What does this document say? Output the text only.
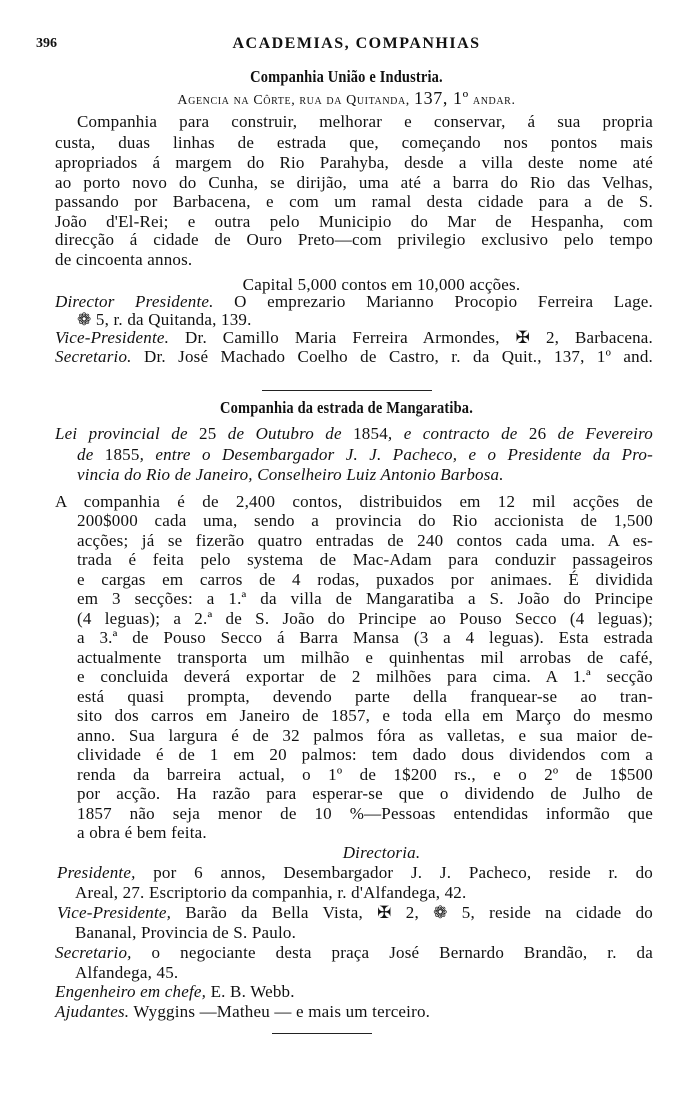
396	ACADEMIAS, COMPANHIAS
Companhia União e Industria.
Agencia na Côrte, rua da Quitanda, 137, 1º andar.
Companhia para construir, melhorar e conservar, á sua propria
custa, duas linhas de estrada que, começando nos pontos mais
apropriados á margem do Rio Parahyba, desde a villa deste nome até
ao porto novo do Cunha, se dirijão, uma até a barra do Rio das Velhas,
passando por Barbacena, e com um ramal desta cidade para a de S.
João d'El-Rei; e outra pelo Municipio do Mar de Hespanha, com
direcção á cidade de Ouro Preto—com privilegio exclusivo pelo tempo
de cincoenta annos.
Capital 5,000 contos em 10,000 acções.
Director Presidente. O emprezario Marianno Procopio Ferreira Lage.
❁ 5, r. da Quitanda, 139.
Vice-Presidente. Dr. Camillo Maria Ferreira Armondes, ✠ 2, Barbacena.
Secretario. Dr. José Machado Coelho de Castro, r. da Quit., 137, 1º and.
Companhia da estrada de Mangaratiba.
Lei provincial de 25 de Outubro de 1854, e contracto de 26 de Fevereiro
de 1855, entre o Desembargador J. J. Pacheco, e o Presidente da Pro-
vincia do Rio de Janeiro, Conselheiro Luiz Antonio Barbosa.
A companhia é de 2,400 contos, distribuidos em 12 mil acções de
200$000 cada uma, sendo a provincia do Rio accionista de 1,500
acções; já se fizerão quatro entradas de 240 contos cada uma. A es-
trada é feita pelo systema de Mac-Adam para conduzir passageiros
e cargas em carros de 4 rodas, puxados por animaes. É dividida
em 3 secções: a 1.ª da villa de Mangaratiba a S. João do Principe
(4 leguas); a 2.ª de S. João do Principe ao Pouso Secco (4 leguas);
a 3.ª de Pouso Secco á Barra Mansa (3 a 4 leguas). Esta estrada
actualmente transporta um milhão e quinhentas mil arrobas de café,
e concluida deverá exportar de 2 milhões para cima. A 1.ª secção
está quasi prompta, devendo parte della franquear-se ao tran-
sito dos carros em Janeiro de 1857, e toda ella em Março do mesmo
anno. Sua largura é de 32 palmos fóra as valletas, e sua maior de-
clividade é de 1 em 20 palmos: tem dado dous dividendos com a
renda da barreira actual, o 1º de 1$200 rs., e o 2º de 1$500
por acção. Ha razão para esperar-se que o dividendo de Julho de
1857 não seja menor de 10 %—Pessoas entendidas informão que
a obra é bem feita.
Directoria.
Presidente, por 6 annos, Desembargador J. J. Pacheco, reside r. do
Areal, 27. Escriptorio da companhia, r. d'Alfandega, 42.
Vice-Presidente, Barão da Bella Vista, ✠ 2, ❁ 5, reside na cidade do
Bananal, Provincia de S. Paulo.
Secretario, o negociante desta praça José Bernardo Brandão, r. da
Alfandega, 45.
Engenheiro em chefe, E. B. Webb.
Ajudantes. Wyggins —Matheu — e mais um terceiro.
